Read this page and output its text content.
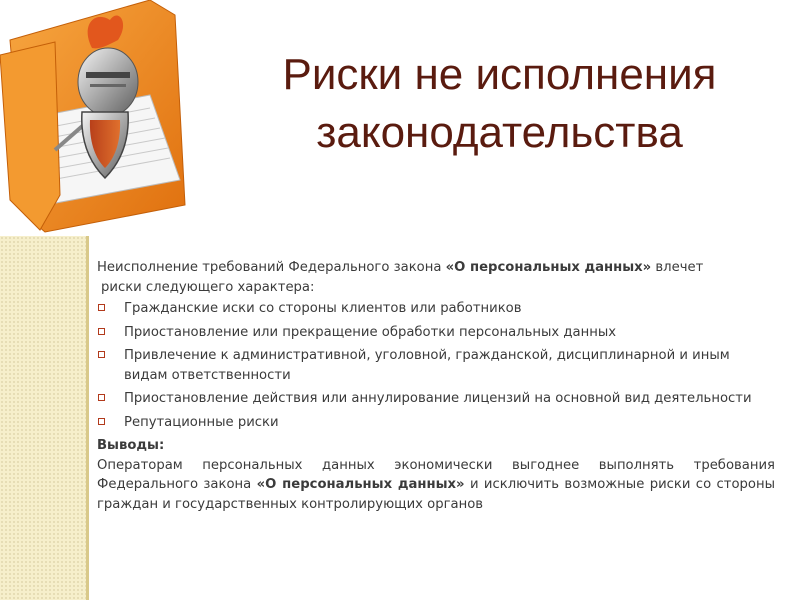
Риски не исполнения
законодательства

Неисполнение требований Федерального закона «О персональных данных» влечет
риски следующего характера:

Гражданские иски со стороны клиентов или работников
Приостановление или прекращение обработки персональных данных
Привлечение к административной, уголовной, гражданской, дисциплинарной и иным видам ответственности
Приостановление действия или аннулирование лицензий на основной вид деятельности
Репутационные риски

Выводы:

Операторам персональных данных экономически выгоднее выполнять требования Федерального закона «О персональных данных» и исключить возможные риски со стороны граждан и государственных контролирующих органов
